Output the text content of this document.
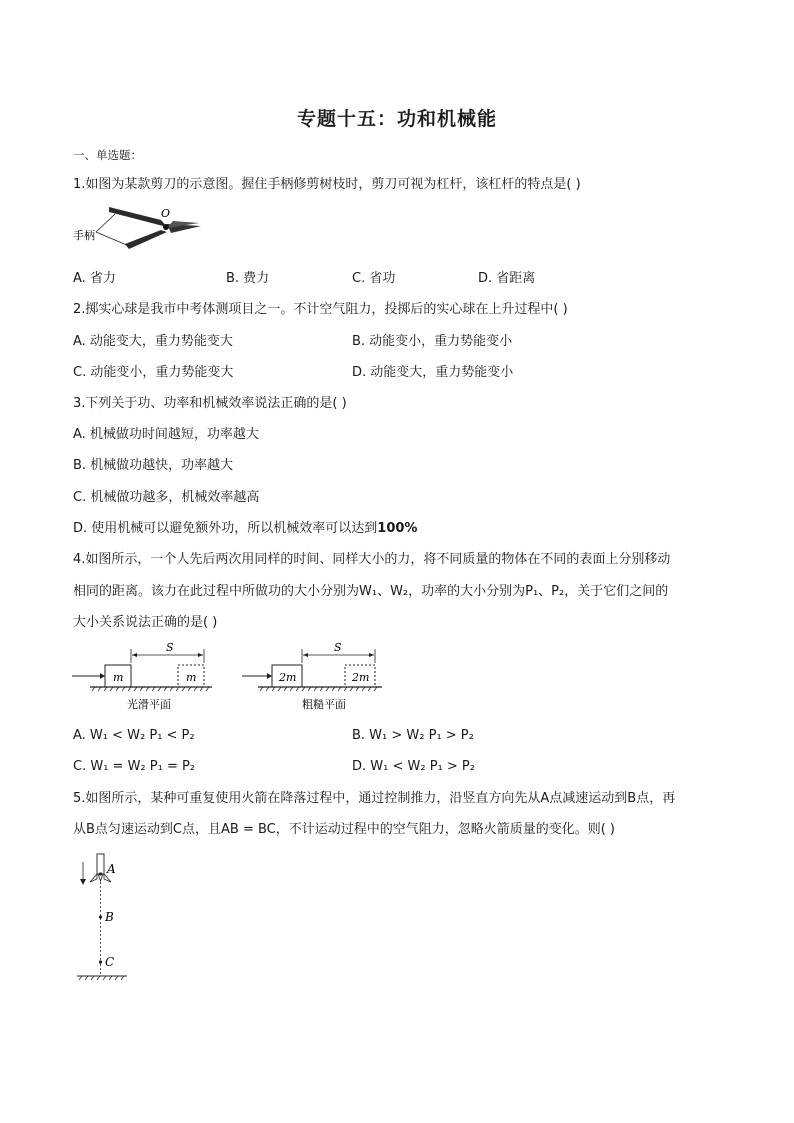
专题十五：功和机械能
一、单选题：
1.如图为某款剪刀的示意图。握住手柄修剪树枝时，剪刀可视为杠杆，该杠杆的特点是( )
O
手柄
A. 省力	B. 费力	C. 省功	D. 省距离
2.掷实心球是我市中考体测项目之一。不计空气阻力，投掷后的实心球在上升过程中( )
A. 动能变大，重力势能变大	B. 动能变小，重力势能变小
C. 动能变小，重力势能变大	D. 动能变大，重力势能变小
3.下列关于功、功率和机械效率说法正确的是( )
A. 机械做功时间越短，功率越大
B. 机械做功越快，功率越大
C. 机械做功越多，机械效率越高
D. 使用机械可以避免额外功，所以机械效率可以达到100%
4.如图所示，一个人先后两次用同样的时间、同样大小的力，将不同质量的物体在不同的表面上分别移动
相同的距离。该力在此过程中所做功的大小分别为W₁、W₂，功率的大小分别为P₁、P₂，关于它们之间的
大小关系说法正确的是( )
m	m
S
光滑平面
2m	2m
S
粗糙平面
A. W₁ < W₂ P₁ < P₂	B. W₁ > W₂ P₁ > P₂
C. W₁ = W₂ P₁ = P₂	D. W₁ < W₂ P₁ > P₂
5.如图所示，某种可重复使用火箭在降落过程中，通过控制推力，沿竖直方向先从A点减速运动到B点，再
从B点匀速运动到C点，且AB = BC，不计运动过程中的空气阻力，忽略火箭质量的变化。则( )
A
B
C
